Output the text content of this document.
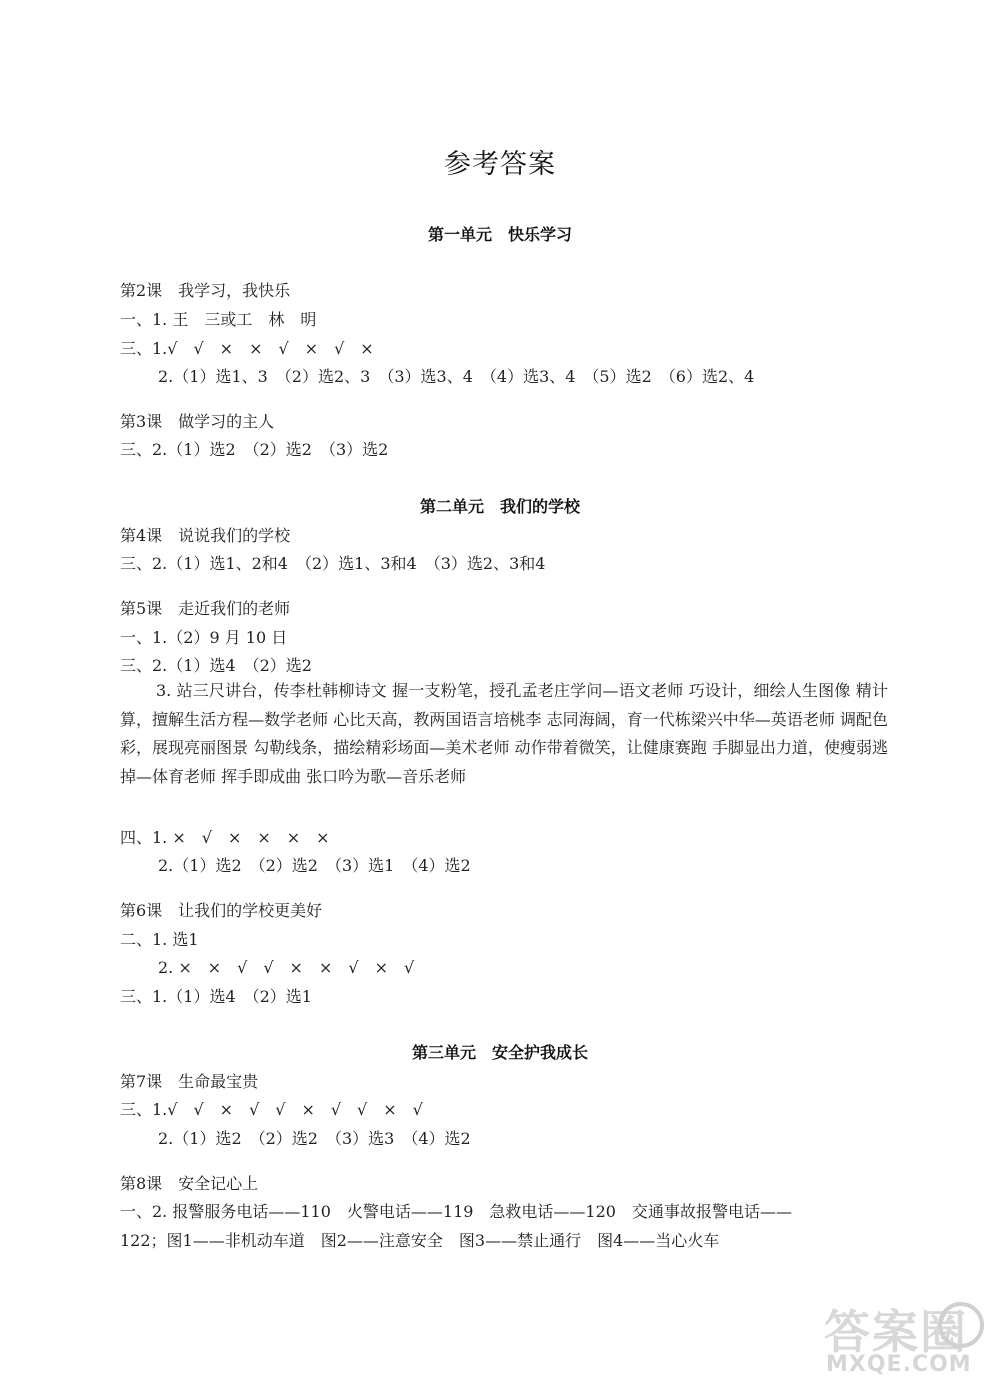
参考答案
第一单元　快乐学习
第2课　我学习，我快乐
一、1. 王　三或工　林　明
三、1.√　√　×　×　√　×　√　×
2.（1）选1、3　（2）选2、3　（3）选3、4　（4）选3、4　（5）选2　（6）选2、4
第3课　做学习的主人
三、2.（1）选2　（2）选2　（3）选2
第二单元　我们的学校
第4课　说说我们的学校
三、2.（1）选1、2和4　（2）选1、3和4　（3）选2、3和4
第5课　走近我们的老师
一、1.（2）9 月 10 日
三、2.（1）选4　（2）选2
3. 站三尺讲台，传李杜韩柳诗文 握一支粉笔，授孔孟老庄学问—语文老师 巧设计，细绘人生图像 精计算，擅解生活方程—数学老师 心比天高，教两国语言培桃李 志同海阔，育一代栋梁兴中华—英语老师 调配色彩，展现亮丽图景 勾勒线条，描绘精彩场面—美术老师 动作带着微笑，让健康赛跑 手脚显出力道，使瘦弱逃掉—体育老师 挥手即成曲 张口吟为歌—音乐老师
四、1. ×　√　×　×　×　×
2.（1）选2　（2）选2　（3）选1　（4）选2
第6课　让我们的学校更美好
二、1. 选1
2. ×　×　√　√　×　×　√　×　√
三、1.（1）选4　（2）选1
第三单元　安全护我成长
第7课　生命最宝贵
三、1.√　√　×　√　√　×　√　√　×　√
2.（1）选2　（2）选2　（3）选3　（4）选2
第8课　安全记心上
一、2. 报警服务电话——110　火警电话——119　急救电话——120　交通事故报警电话——
122；图1——非机动车道　图2——注意安全　图3——禁止通行　图4——当心火车
答案圈
MXQE.COM
